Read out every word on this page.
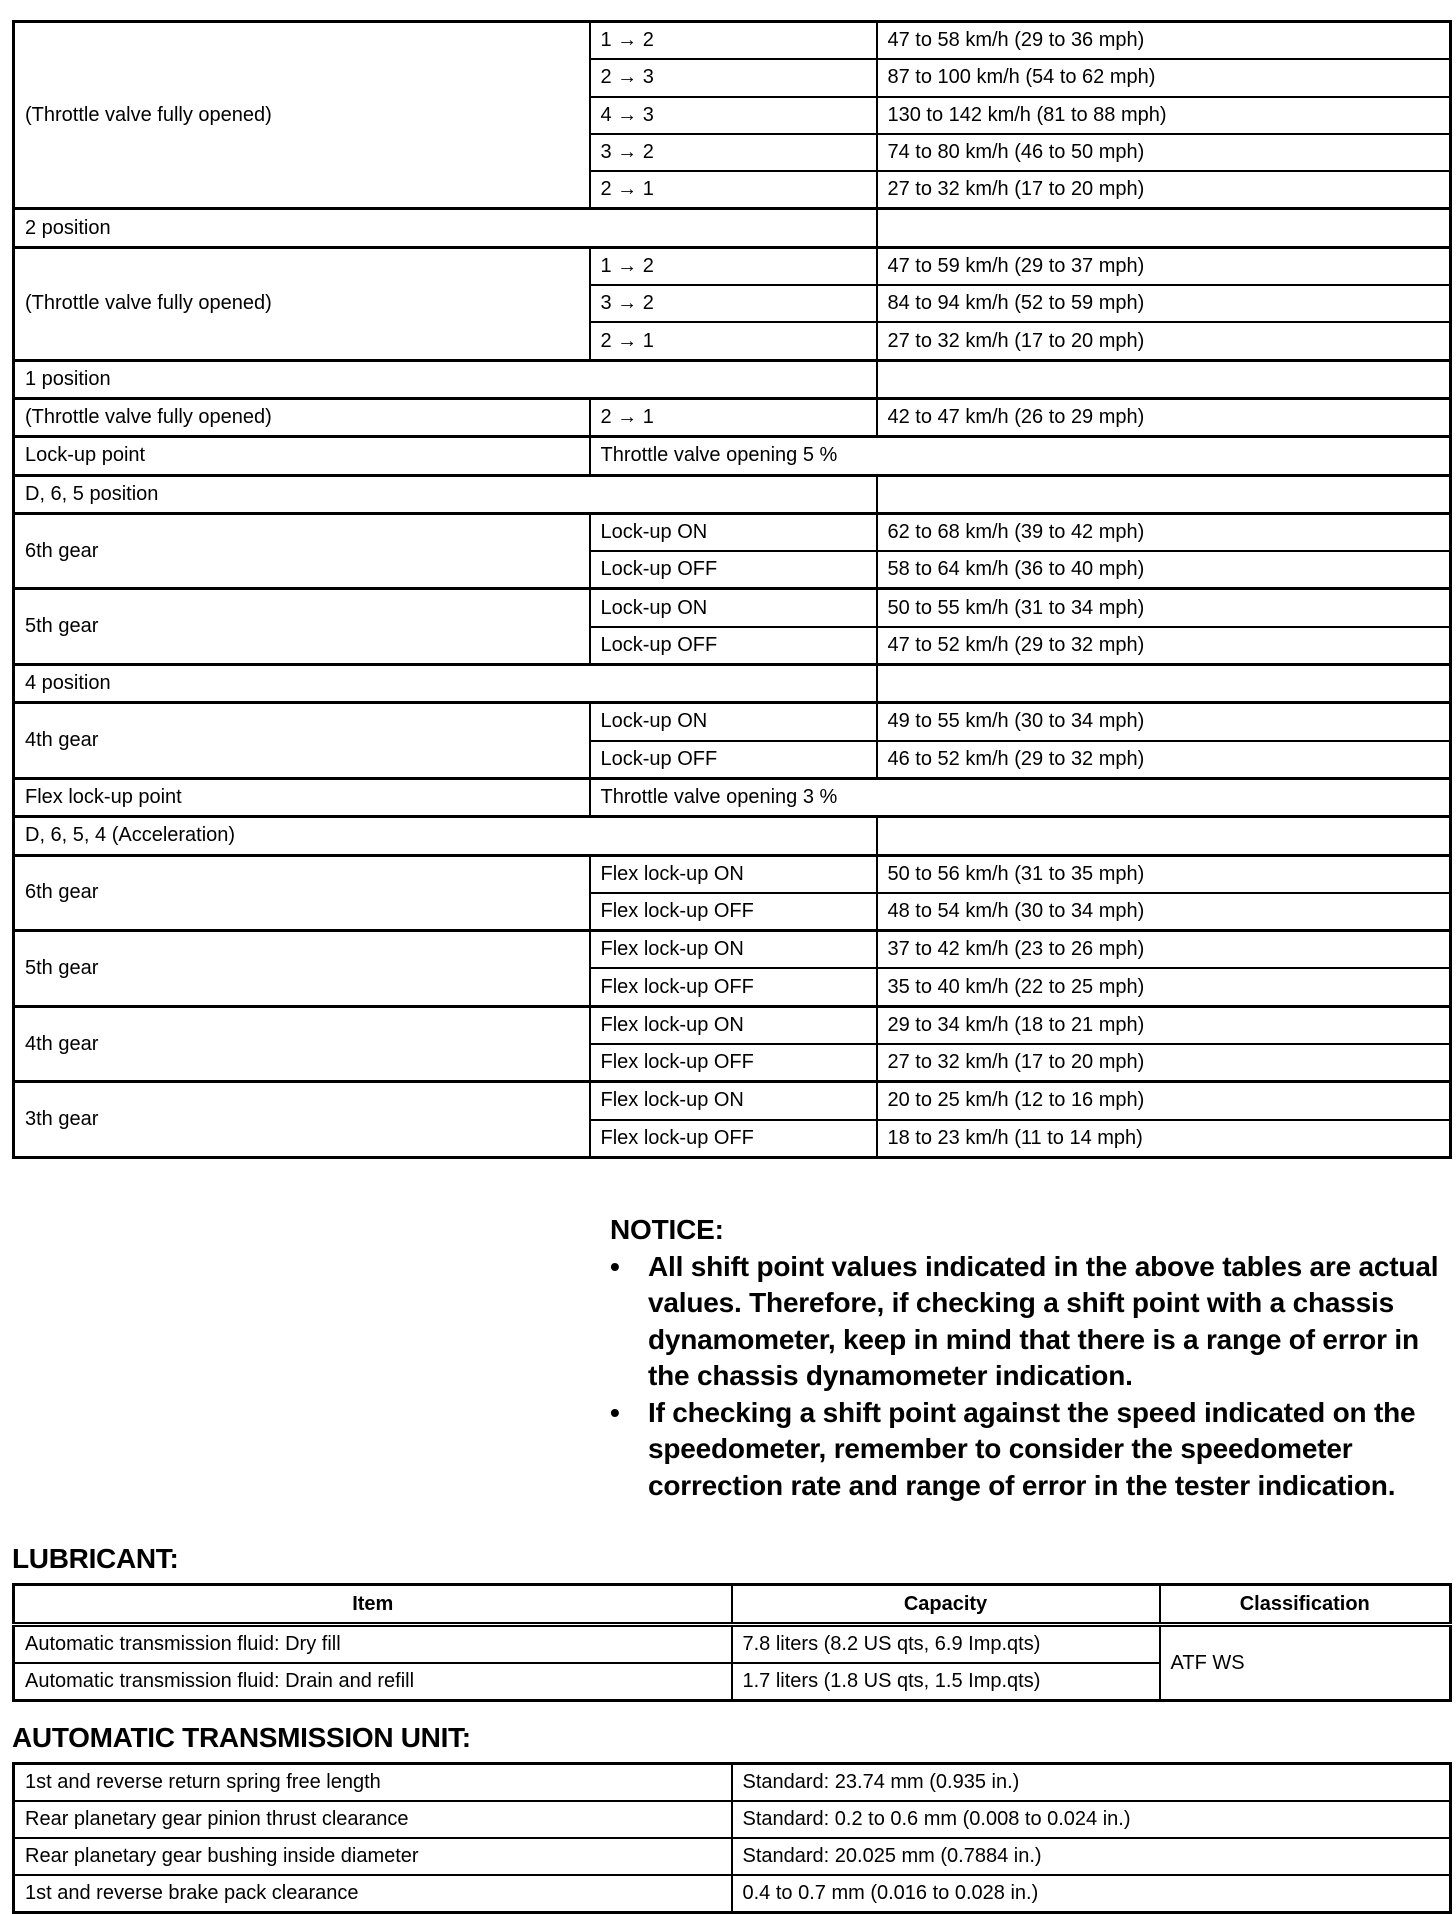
(Throttle valve fully opened)	1 → 2	47 to 58 km/h (29 to 36 mph)
	2 → 3	87 to 100 km/h (54 to 62 mph)
	4 → 3	130 to 142 km/h (81 to 88 mph)
	3 → 2	74 to 80 km/h (46 to 50 mph)
	2 → 1	27 to 32 km/h (17 to 20 mph)
2 position		
(Throttle valve fully opened)	1 → 2	47 to 59 km/h (29 to 37 mph)
	3 → 2	84 to 94 km/h (52 to 59 mph)
	2 → 1	27 to 32 km/h (17 to 20 mph)
1 position		
(Throttle valve fully opened)	2 → 1	42 to 47 km/h (26 to 29 mph)
Lock-up point	Throttle valve opening 5 %	
D, 6, 5 position		
6th gear	Lock-up ON	62 to 68 km/h (39 to 42 mph)
	Lock-up OFF	58 to 64 km/h (36 to 40 mph)
5th gear	Lock-up ON	50 to 55 km/h (31 to 34 mph)
	Lock-up OFF	47 to 52 km/h (29 to 32 mph)
4 position		
4th gear	Lock-up ON	49 to 55 km/h (30 to 34 mph)
	Lock-up OFF	46 to 52 km/h (29 to 32 mph)
Flex lock-up point	Throttle valve opening 3 %	
D, 6, 5, 4 (Acceleration)		
6th gear	Flex lock-up ON	50 to 56 km/h (31 to 35 mph)
	Flex lock-up OFF	48 to 54 km/h (30 to 34 mph)
5th gear	Flex lock-up ON	37 to 42 km/h (23 to 26 mph)
	Flex lock-up OFF	35 to 40 km/h (22 to 25 mph)
4th gear	Flex lock-up ON	29 to 34 km/h (18 to 21 mph)
	Flex lock-up OFF	27 to 32 km/h (17 to 20 mph)
3th gear	Flex lock-up ON	20 to 25 km/h (12 to 16 mph)
	Flex lock-up OFF	18 to 23 km/h (11 to 14 mph)

NOTICE:

• All shift point values indicated in the above tables are actual values. Therefore, if checking a shift point with a chassis dynamometer, keep in mind that there is a range of error in the chassis dynamometer indication.
• If checking a shift point against the speed indicated on the speedometer, remember to consider the speedometer correction rate and range of error in the tester indication.
LUBRICANT:
Item	Capacity	Classification
Automatic transmission fluid: Dry fill	7.8 liters (8.2 US qts, 6.9 Imp.qts)	ATF WS
Automatic transmission fluid: Drain and refill	1.7 liters (1.8 US qts, 1.5 Imp.qts)	
AUTOMATIC TRANSMISSION UNIT:
1st and reverse return spring free length	Standard: 23.74 mm (0.935 in.)
Rear planetary gear pinion thrust clearance	Standard: 0.2 to 0.6 mm (0.008 to 0.024 in.)
Rear planetary gear bushing inside diameter	Standard: 20.025 mm (0.7884 in.)
1st and reverse brake pack clearance	0.4 to 0.7 mm (0.016 to 0.028 in.)
